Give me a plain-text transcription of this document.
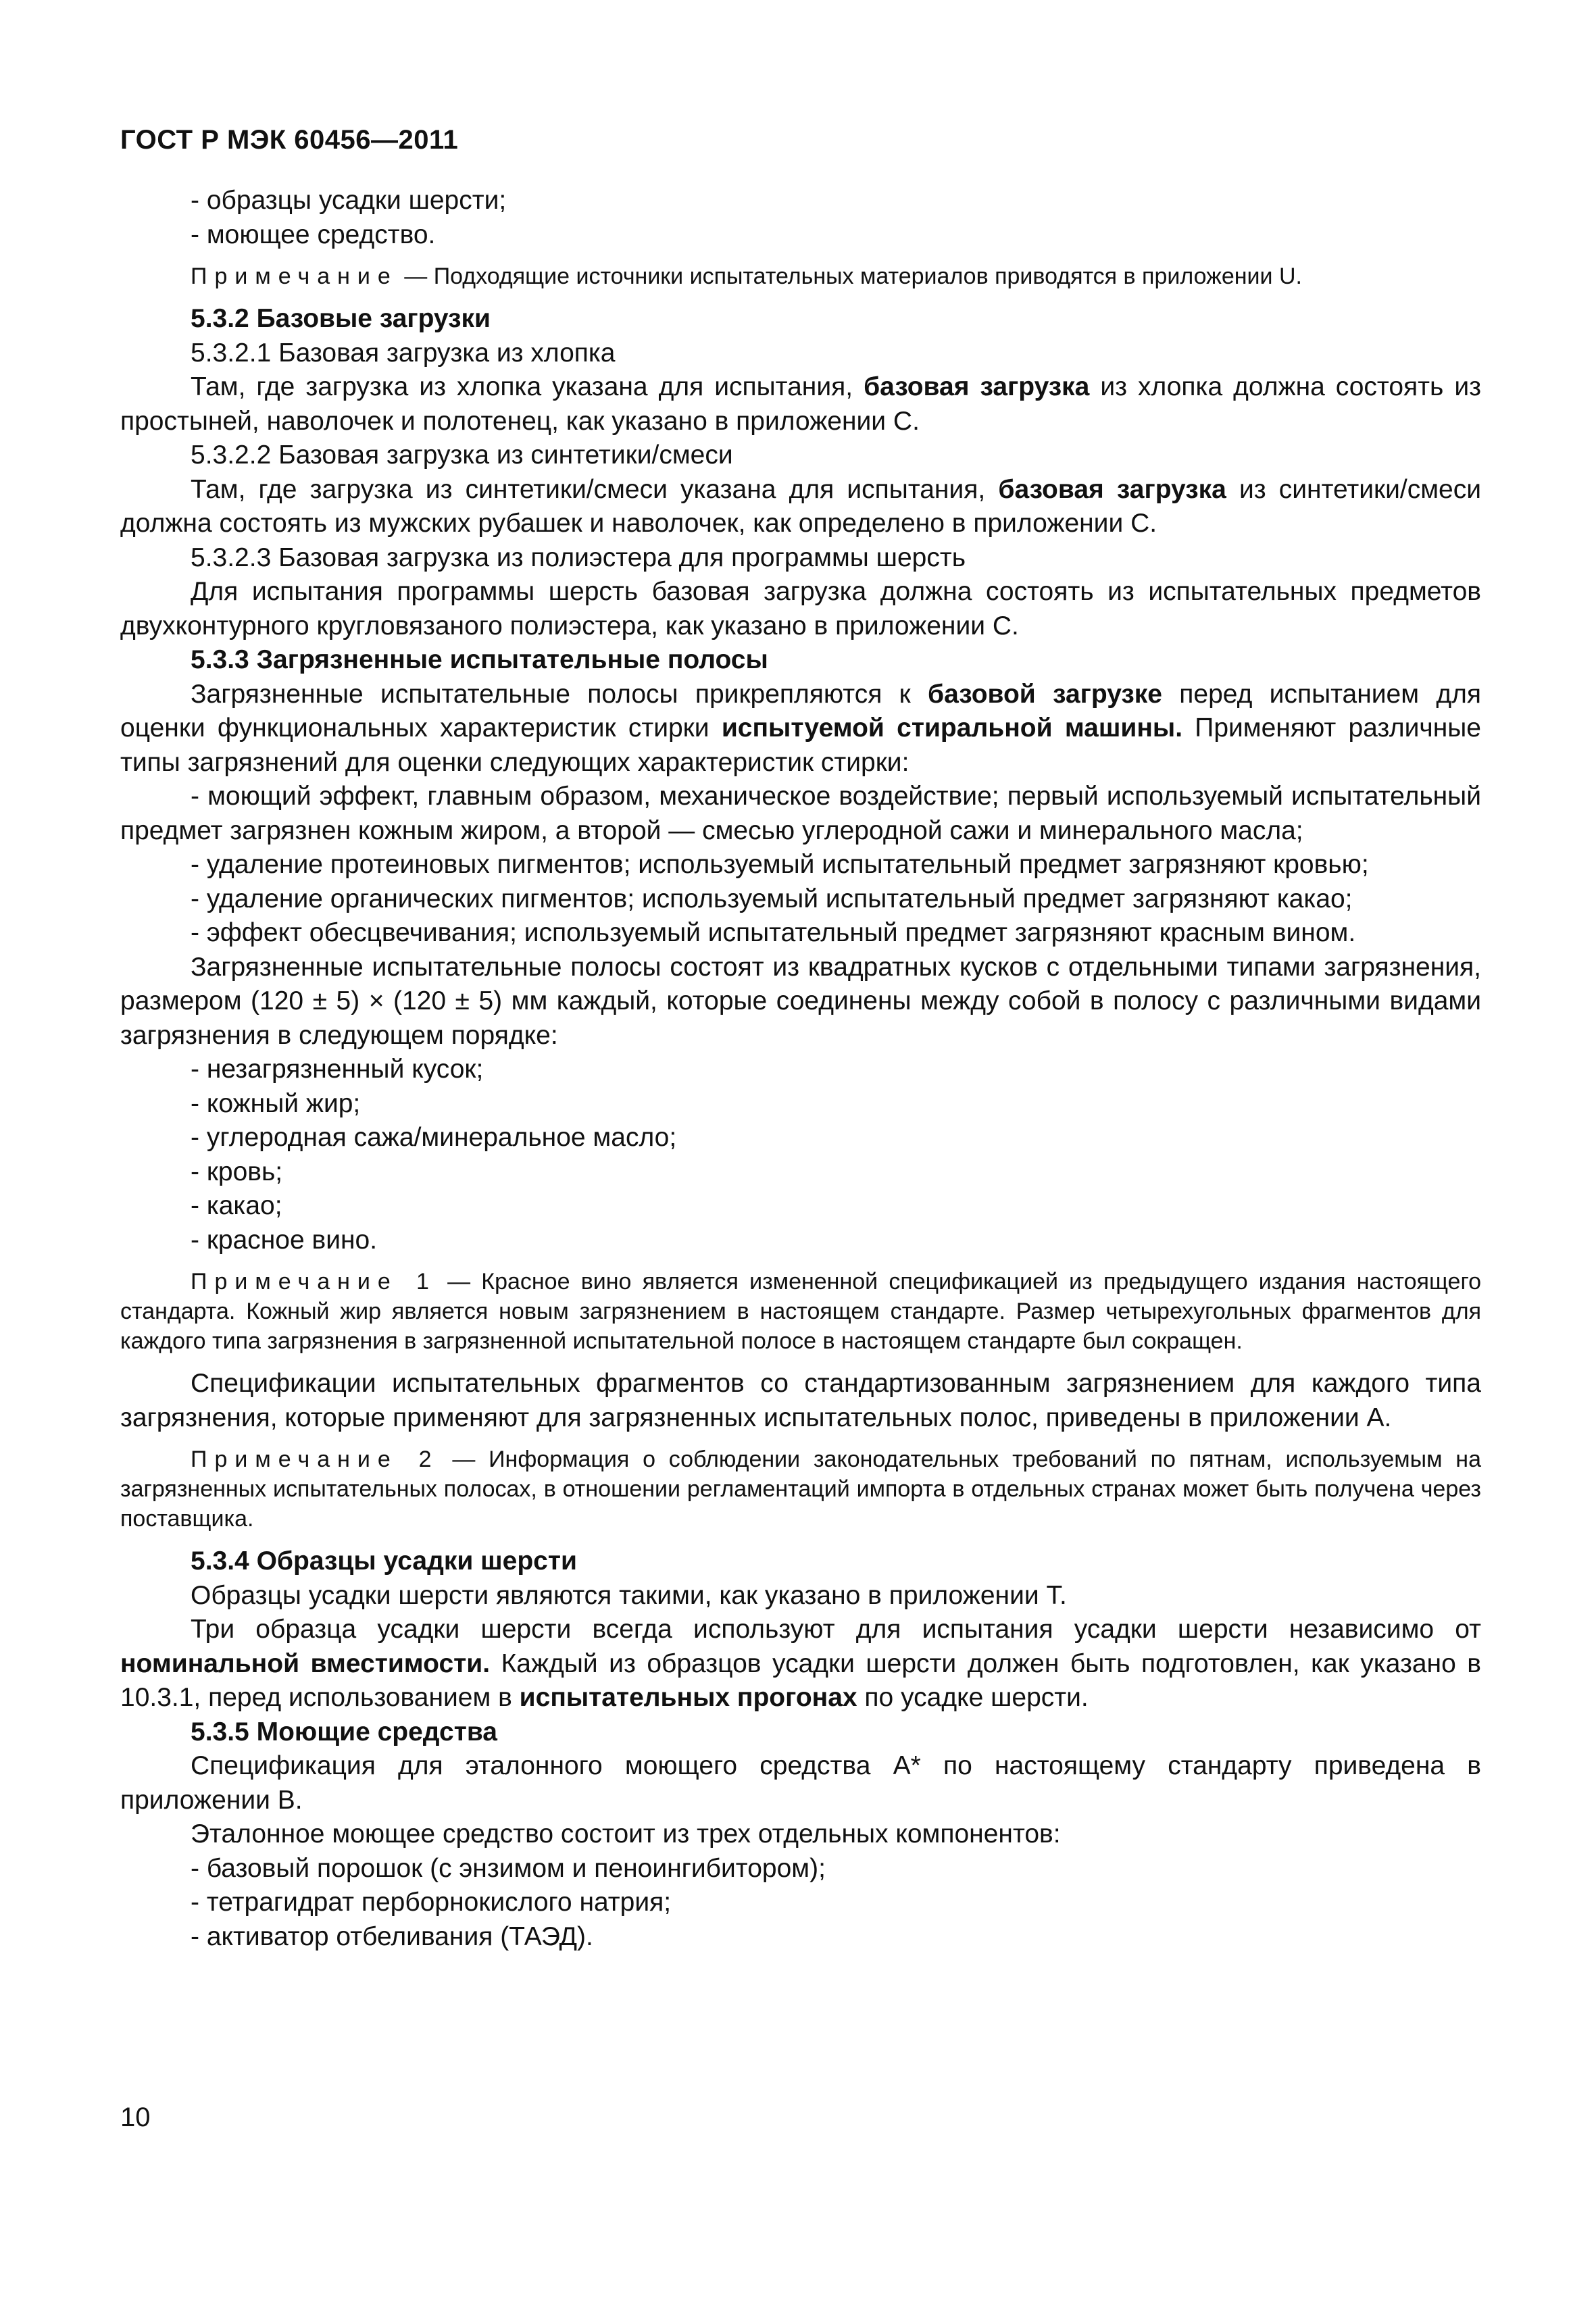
ГОСТ Р МЭК 60456—2011

- образцы усадки шерсти;

- моющее средство.

Примечание — Подходящие источники испытательных материалов приводятся в приложении U.

5.3.2 Базовые загрузки

5.3.2.1 Базовая загрузка из хлопка

Там, где загрузка из хлопка указана для испытания, базовая загрузка из хлопка должна состоять из простыней, наволочек и полотенец, как указано в приложении С.

5.3.2.2 Базовая загрузка из синтетики/смеси

Там, где загрузка из синтетики/смеси указана для испытания, базовая загрузка из синтетики/смеси должна состоять из мужских рубашек и наволочек, как определено в приложении С.

5.3.2.3 Базовая загрузка из полиэстера для программы шерсть

Для испытания программы шерсть базовая загрузка должна состоять из испытательных предметов двухконтурного кругловязаного полиэстера, как указано в приложении С.

5.3.3 Загрязненные испытательные полосы

Загрязненные испытательные полосы прикрепляются к базовой загрузке перед испытанием для оценки функциональных характеристик стирки испытуемой стиральной машины. Применяют различные типы загрязнений для оценки следующих характеристик стирки:

- моющий эффект, главным образом, механическое воздействие; первый используемый испытательный предмет загрязнен кожным жиром, а второй — смесью углеродной сажи и минерального масла;

- удаление протеиновых пигментов; используемый испытательный предмет загрязняют кровью;

- удаление органических пигментов; используемый испытательный предмет загрязняют какао;

- эффект обесцвечивания; используемый испытательный предмет загрязняют красным вином.

Загрязненные испытательные полосы состоят из квадратных кусков с отдельными типами загрязнения, размером (120 ± 5) × (120 ± 5) мм каждый, которые соединены между собой в полосу с различными видами загрязнения в следующем порядке:

- незагрязненный кусок;

- кожный жир;

- углеродная сажа/минеральное масло;

- кровь;

- какао;

- красное вино.

Примечание 1 — Красное вино является измененной спецификацией из предыдущего издания настоящего стандарта. Кожный жир является новым загрязнением в настоящем стандарте. Размер четырехугольных фрагментов для каждого типа загрязнения в загрязненной испытательной полосе в настоящем стандарте был сокращен.

Спецификации испытательных фрагментов со стандартизованным загрязнением для каждого типа загрязнения, которые применяют для загрязненных испытательных полос, приведены в приложении А.

Примечание 2 — Информация о соблюдении законодательных требований по пятнам, используемым на загрязненных испытательных полосах, в отношении регламентаций импорта в отдельных странах может быть получена через поставщика.

5.3.4 Образцы усадки шерсти

Образцы усадки шерсти являются такими, как указано в приложении Т.

Три образца усадки шерсти всегда используют для испытания усадки шерсти независимо от номинальной вместимости. Каждый из образцов усадки шерсти должен быть подготовлен, как указано в 10.3.1, перед использованием в испытательных прогонах по усадке шерсти.

5.3.5 Моющие средства

Спецификация для эталонного моющего средства А* по настоящему стандарту приведена в приложении В.

Эталонное моющее средство состоит из трех отдельных компонентов:

- базовый порошок (с энзимом и пеноингибитором);

- тетрагидрат перборнокислого натрия;

- активатор отбеливания (ТАЭД).

10
